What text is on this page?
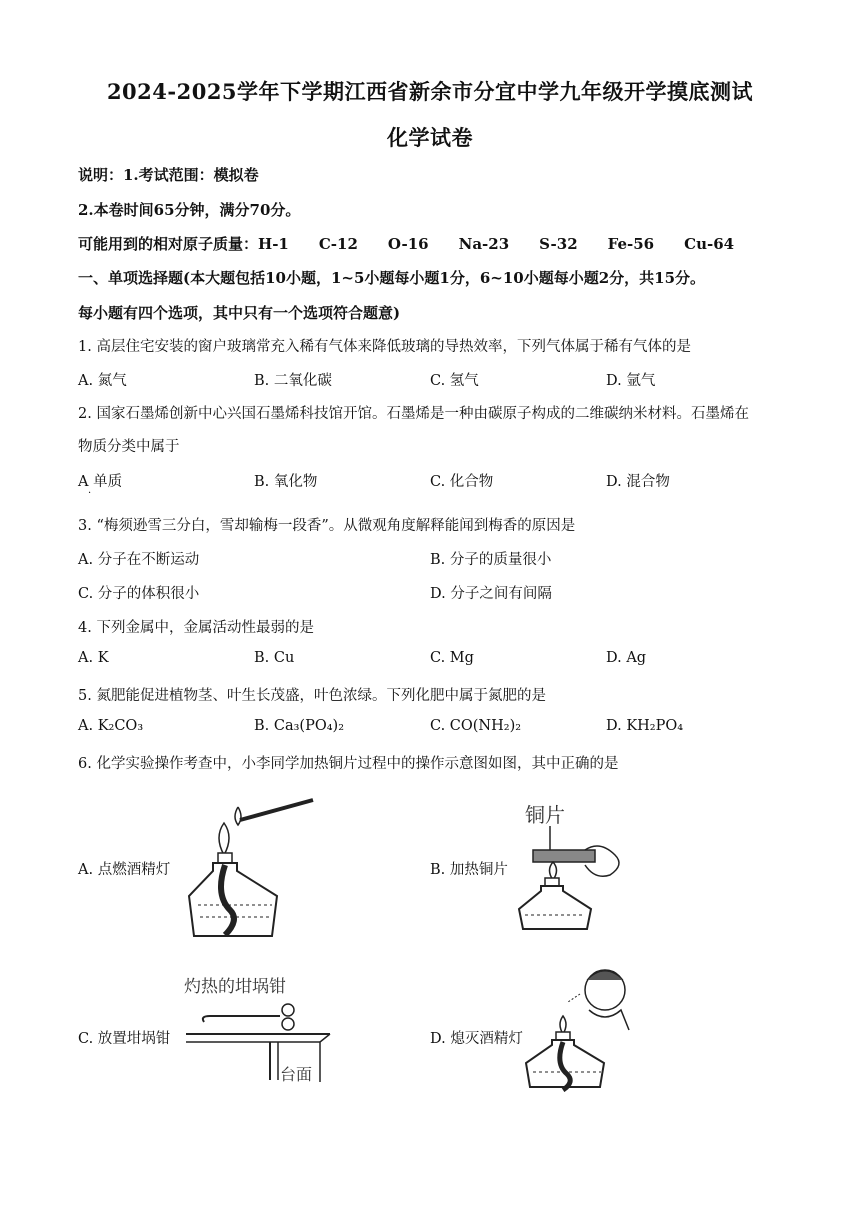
2024-2025学年下学期江西省新余市分宜中学九年级开学摸底测试
化学试卷
说明：1.考试范围：模拟卷
2.本卷时间65分钟，满分70分。
可能用到的相对原子质量：H-1 C-12 O-16 Na-23 S-32 Fe-56 Cu-64
一、单项选择题(本大题包括10小题，1~5小题每小题1分，6~10小题每小题2分，共15分。
每小题有四个选项，其中只有一个选项符合题意)
1. 高层住宅安装的窗户玻璃常充入稀有气体来降低玻璃的导热效率，下列气体属于稀有气体的是
A. 氮气	B. 二氧化碳	C. 氢气	D. 氩气
2. 国家石墨烯创新中心兴国石墨烯科技馆开馆。石墨烯是一种由碳原子构成的二维碳纳米材料。石墨烯在
物质分类中属于
A 单质
·
B. 氧化物	C. 化合物	D. 混合物
3. “梅须逊雪三分白，雪却输梅一段香”。从微观角度解释能闻到梅香的原因是
A. 分子在不断运动	B. 分子的质量很小
C. 分子的体积很小	D. 分子之间有间隔
4. 下列金属中，金属活动性最弱的是
A. K	B. Cu	C. Mg	D. Ag
5. 氮肥能促进植物茎、叶生长茂盛，叶色浓绿。下列化肥中属于氮肥的是
A. K₂CO₃	B. Ca₃(PO₄)₂	C. CO(NH₂)₂	D. KH₂PO₄
6. 化学实验操作考查中，小李同学加热铜片过程中的操作示意图如图，其中正确的是
A. 点燃酒精灯	B. 加热铜片
铜片
C. 放置坩埚钳
灼热的坩埚钳
台面
D. 熄灭酒精灯
